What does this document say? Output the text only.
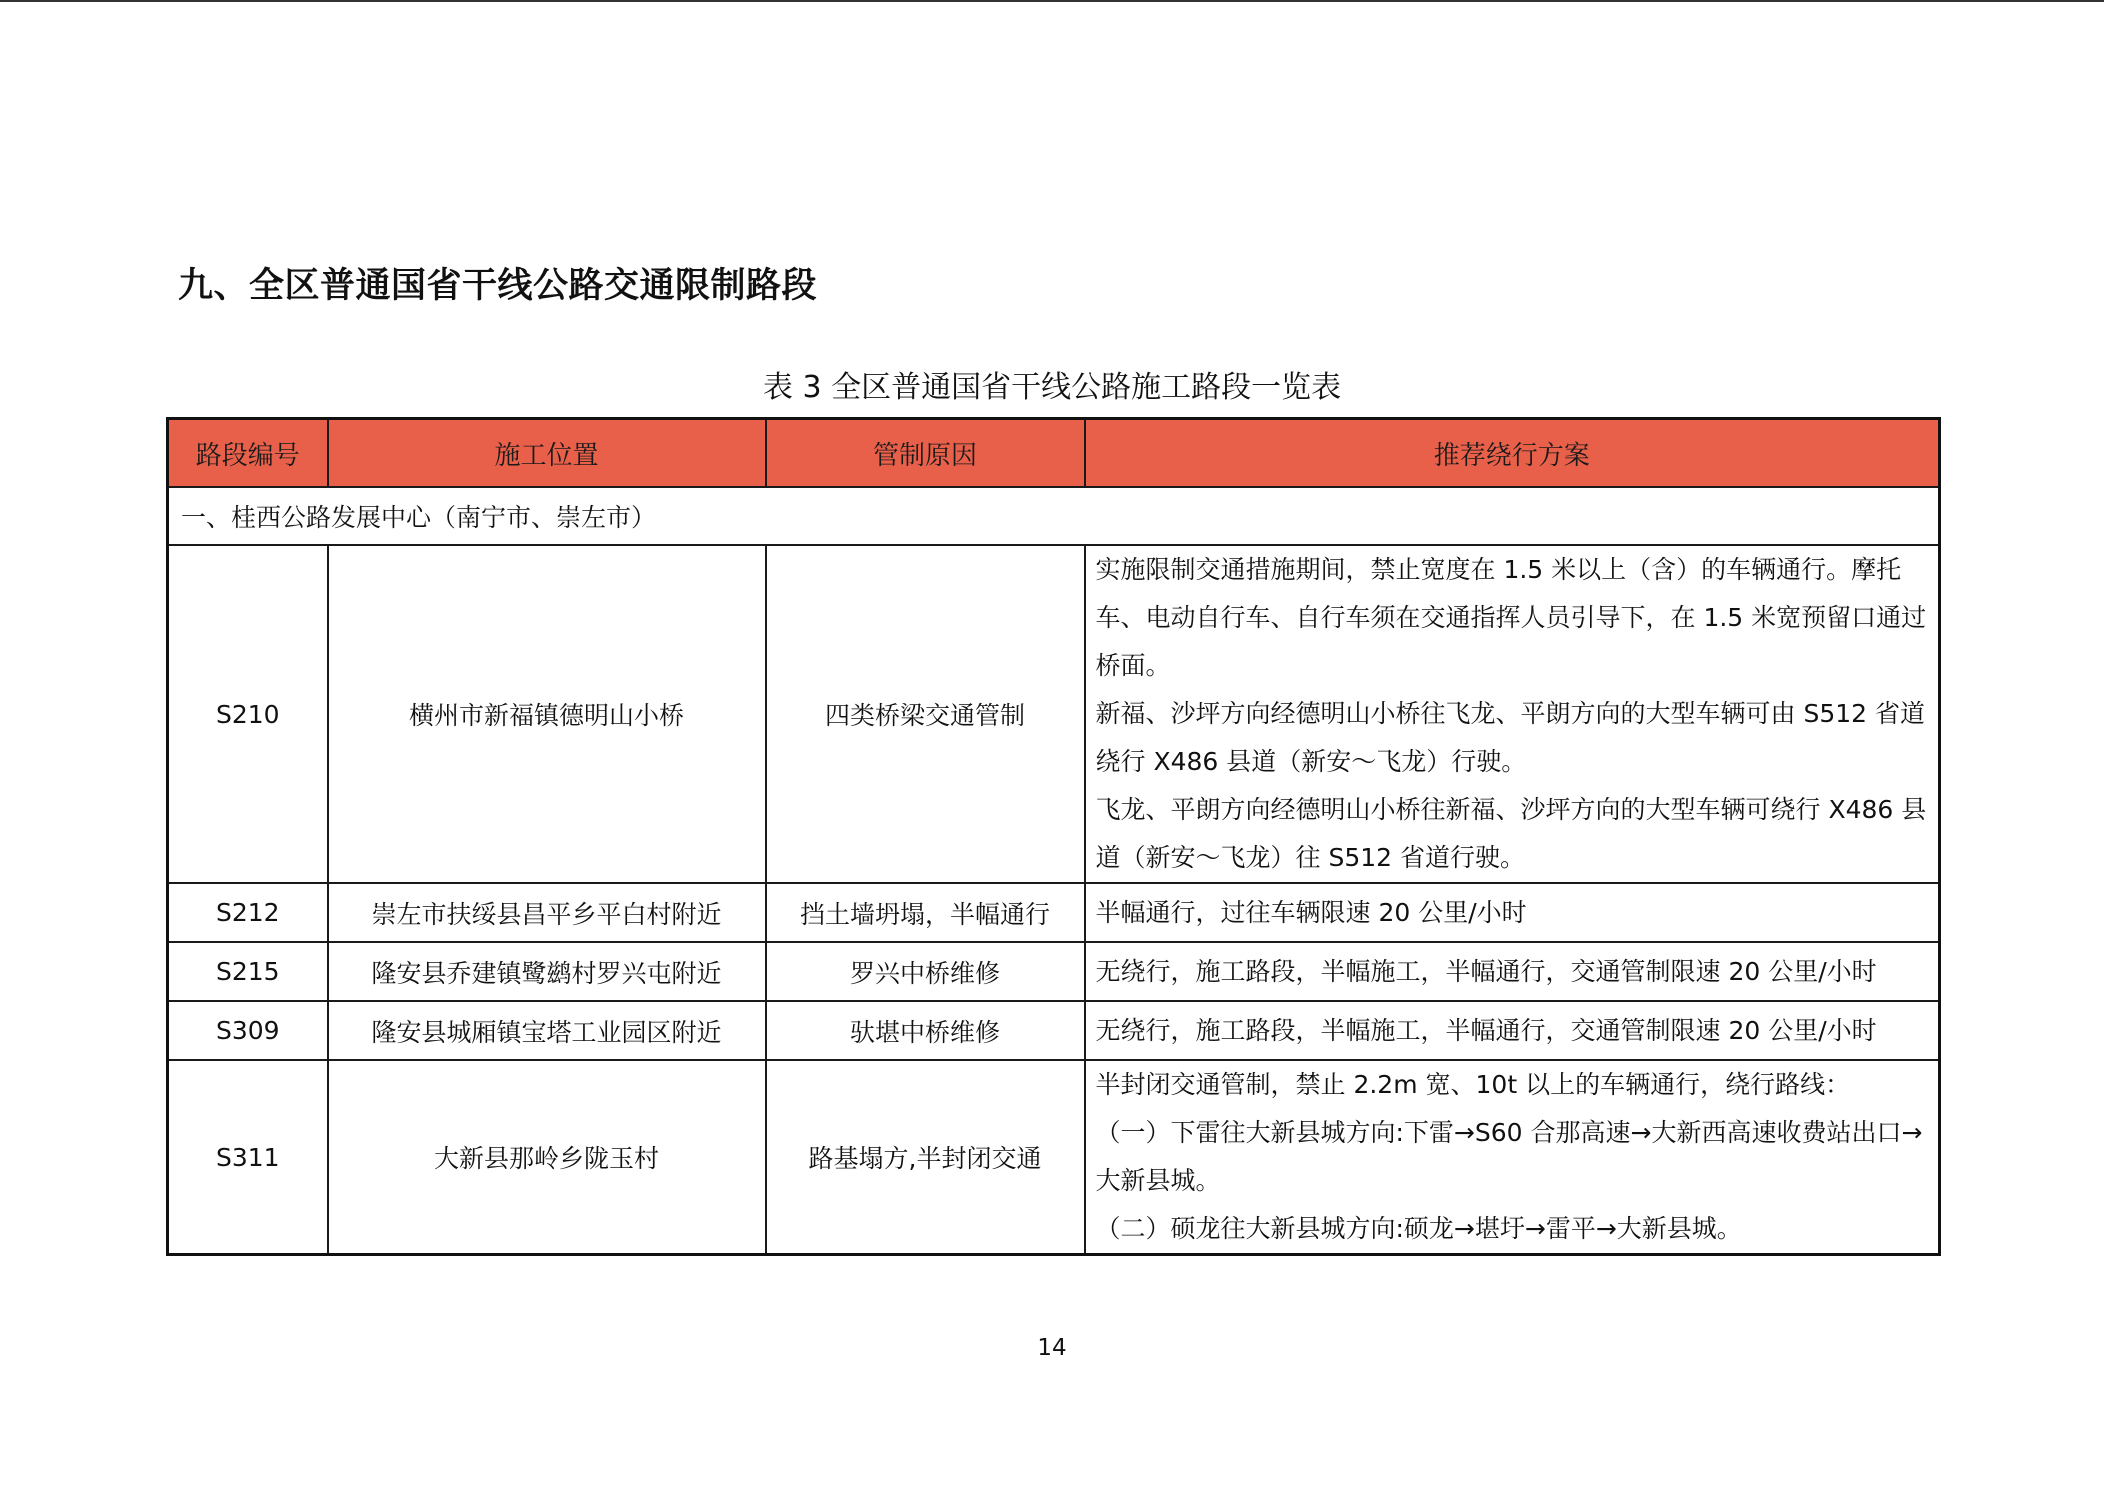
九、全区普通国省干线公路交通限制路段
表 3 全区普通国省干线公路施工路段一览表
路段编号	施工位置	管制原因	推荐绕行方案
一、桂西公路发展中心（南宁市、崇左市）			
S210	横州市新福镇德明山小桥	四类桥梁交通管制	实施限制交通措施期间，禁止宽度在 1.5 米以上（含）的车辆通行。摩托车、电动自行车、自行车须在交通指挥人员引导下，在 1.5 米宽预留口通过桥面。
新福、沙坪方向经德明山小桥往飞龙、平朗方向的大型车辆可由 S512 省道绕行 X486 县道（新安～飞龙）行驶。
飞龙、平朗方向经德明山小桥往新福、沙坪方向的大型车辆可绕行 X486 县道（新安～飞龙）往 S512 省道行驶。

S212	崇左市扶绥县昌平乡平白村附近	挡土墙坍塌，半幅通行	半幅通行，过往车辆限速 20 公里/小时

S215	隆安县乔建镇鹭鹚村罗兴屯附近	罗兴中桥维修	无绕行，施工路段，半幅施工，半幅通行，交通管制限速 20 公里/小时

S309	隆安县城厢镇宝塔工业园区附近	驮堪中桥维修	无绕行，施工路段，半幅施工，半幅通行，交通管制限速 20 公里/小时

S311	大新县那岭乡陇玉村	路基塌方,半封闭交通	半封闭交通管制，禁止 2.2m 宽、10t 以上的车辆通行，绕行路线：
（一）下雷往大新县城方向:下雷→S60 合那高速→大新西高速收费站出口→大新县城。
（二）硕龙往大新县城方向:硕龙→堪圩→雷平→大新县城。
14
